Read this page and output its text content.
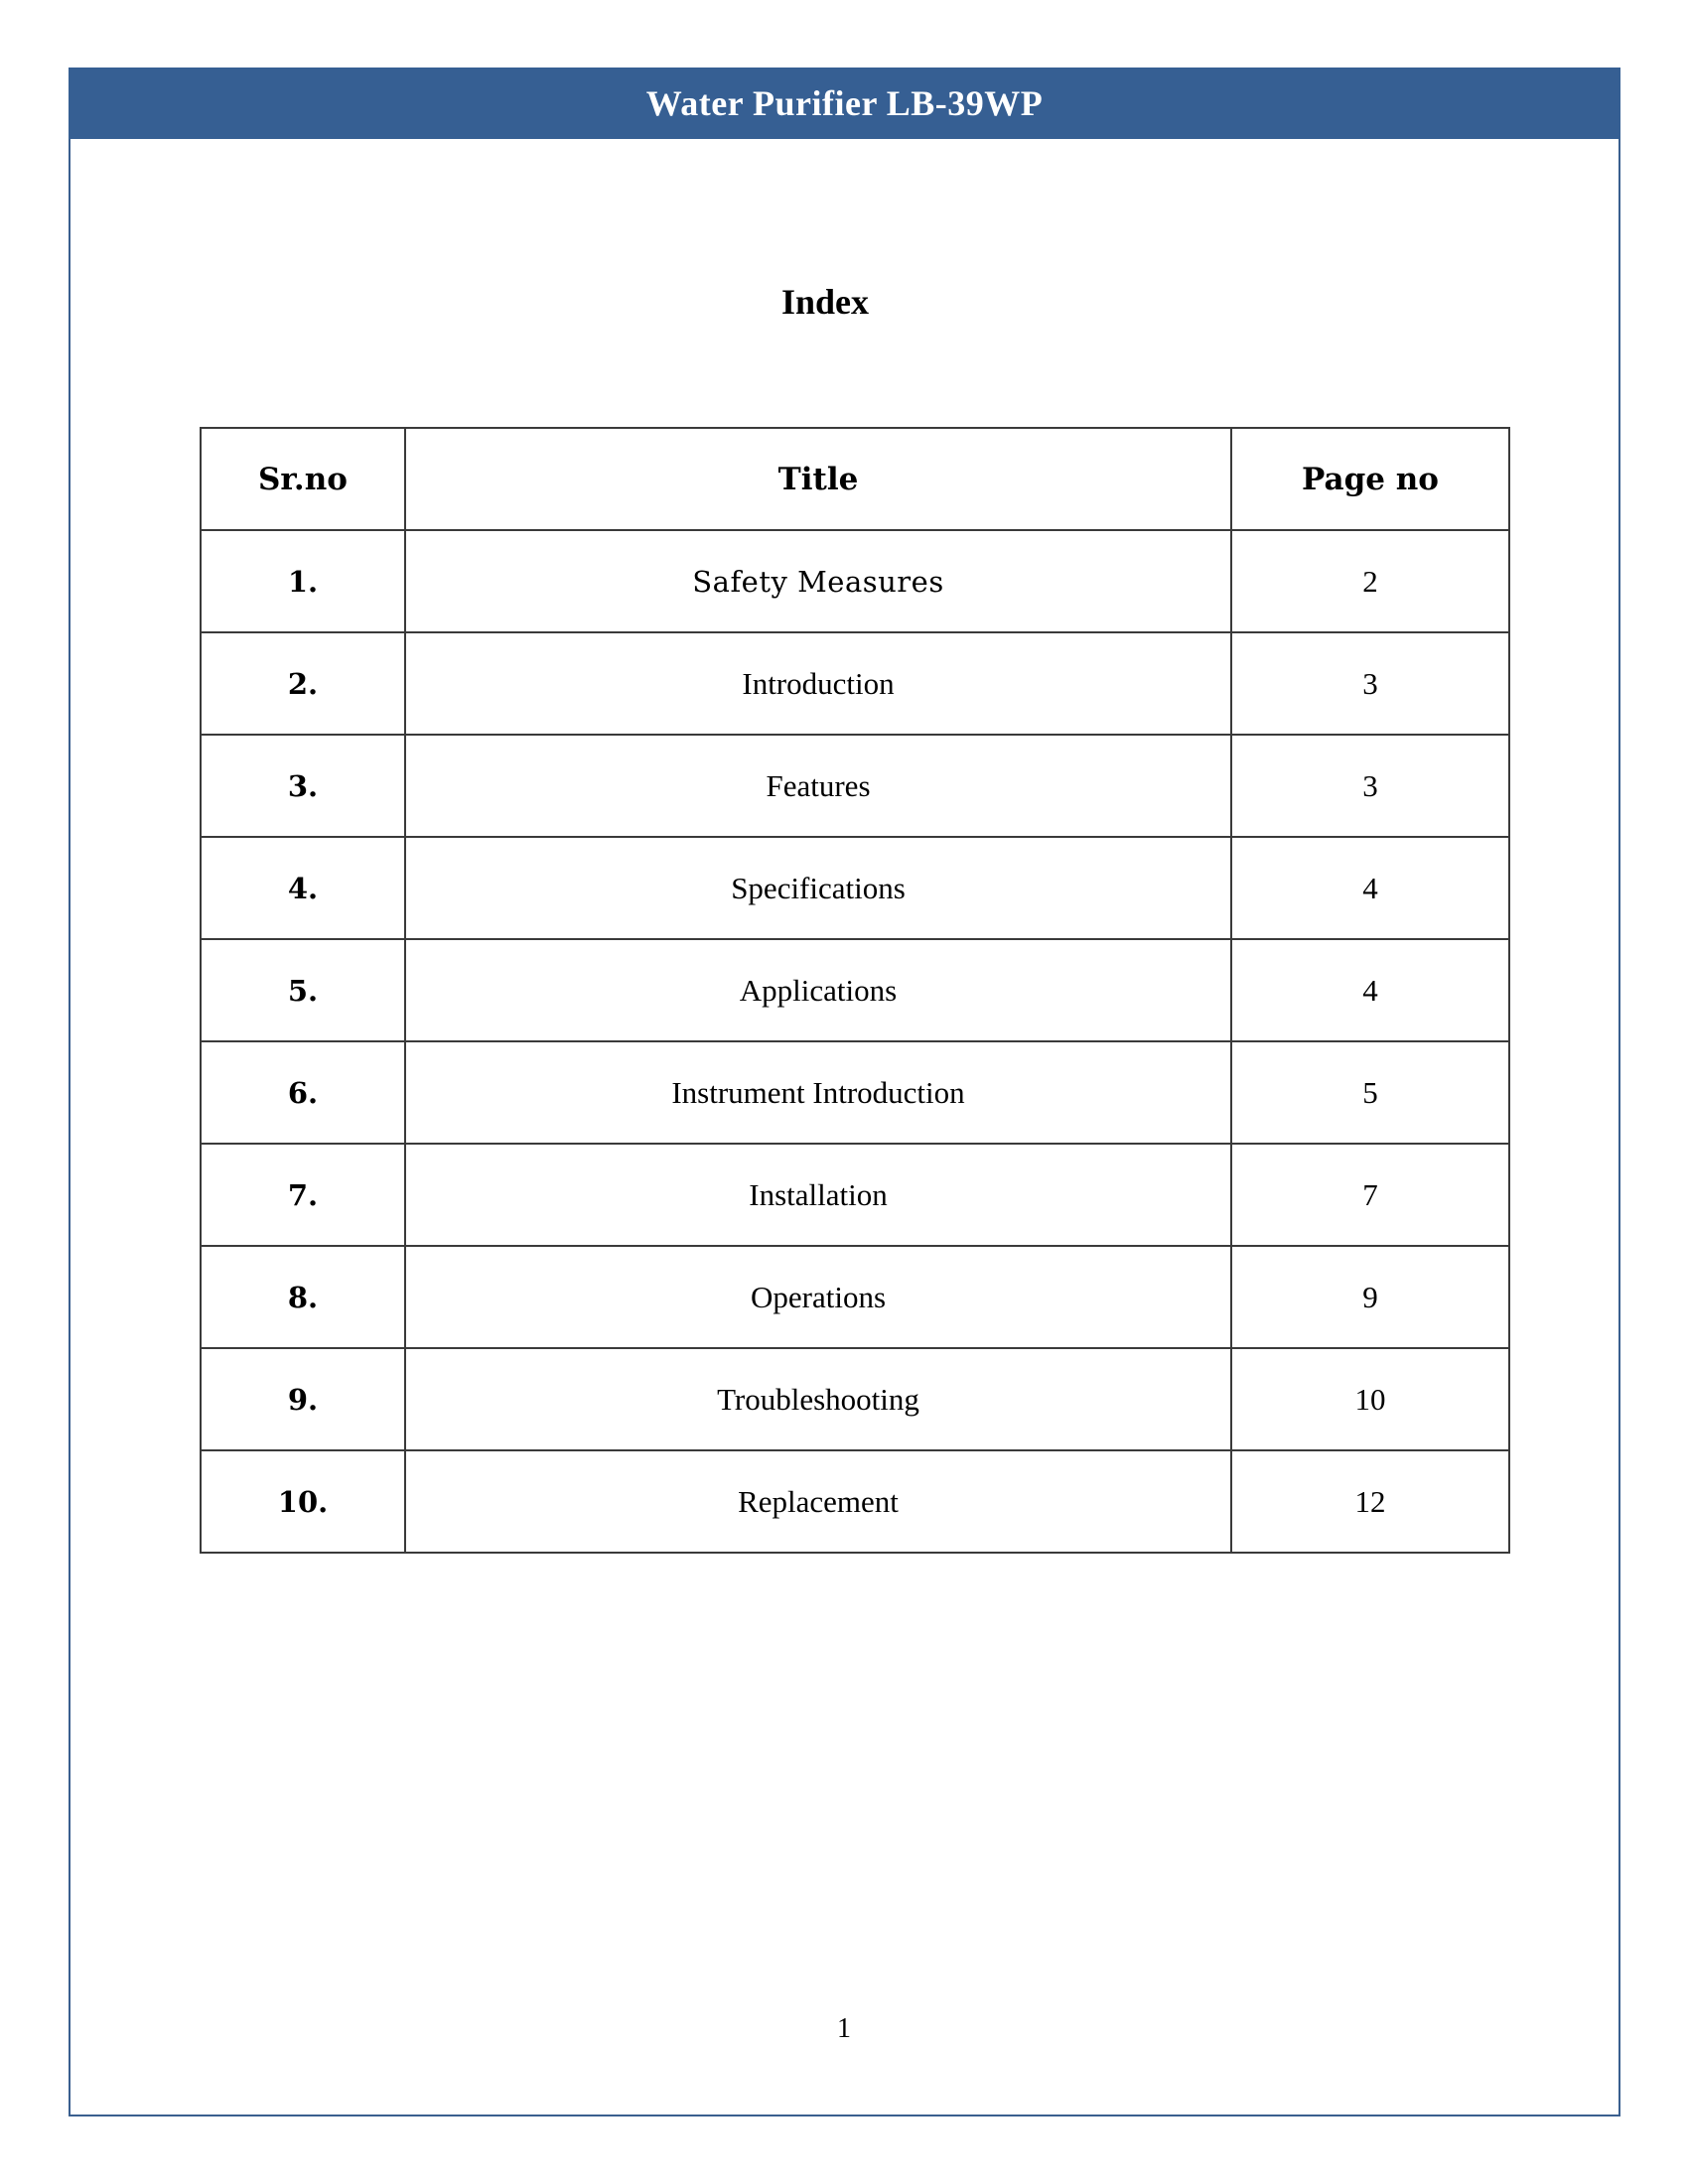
Water Purifier LB-39WP
Index
Sr.no	Title	Page no
1.	Safety Measures	2
2.	Introduction	3
3.	Features	3
4.	Specifications	4
5.	Applications	4
6.	Instrument Introduction	5
7.	Installation	7
8.	Operations	9
9.	Troubleshooting	10
10.	Replacement	12
1
